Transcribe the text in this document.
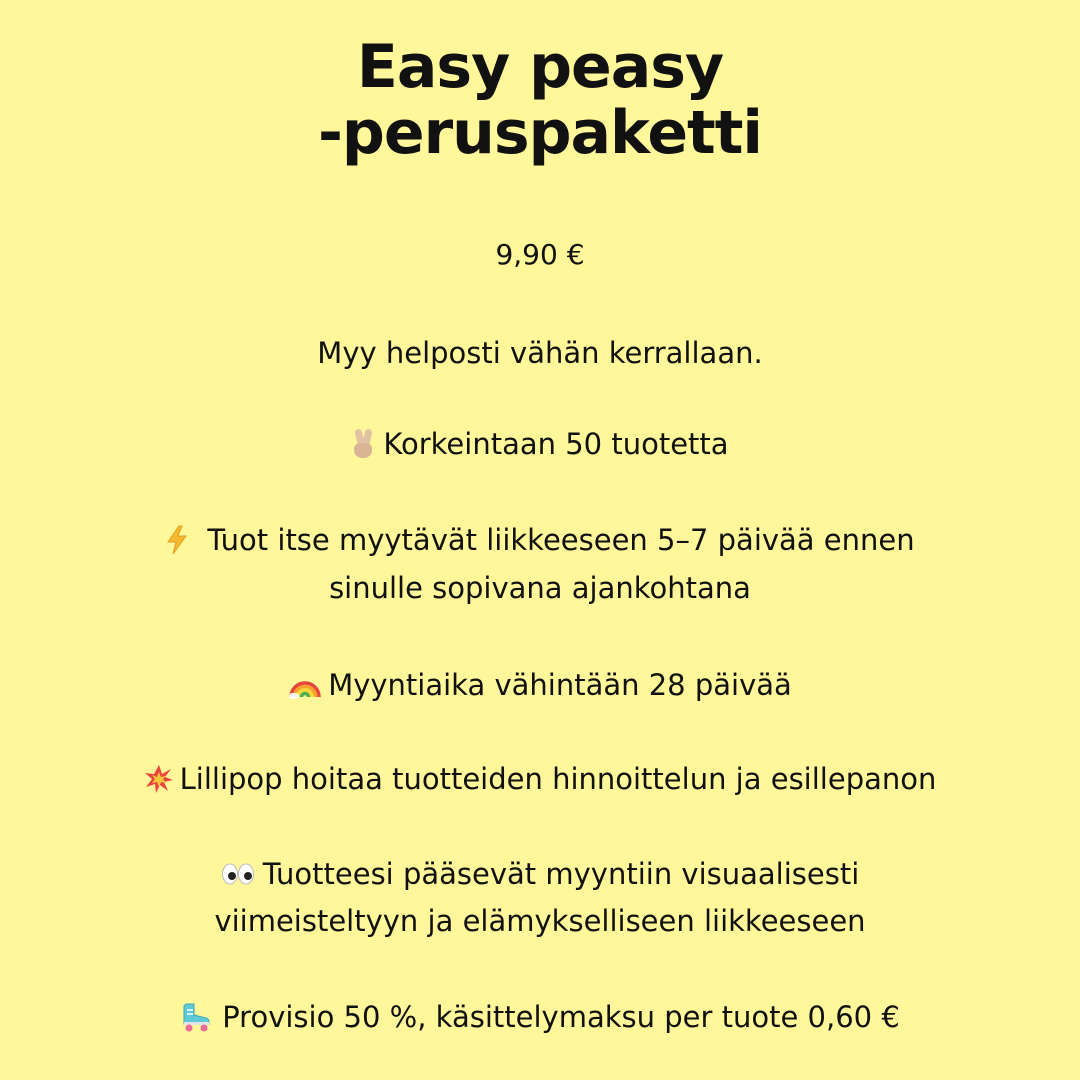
Easy peasy
-peruspaketti
9,90 €
Myy helposti vähän kerrallaan.
Korkeintaan 50 tuotetta
Tuot itse myytävät liikkeeseen 5–7 päivää ennen
sinulle sopivana ajankohtana
Myyntiaika vähintään 28 päivää
Lillipop hoitaa tuotteiden hinnoittelun ja esillepanon
Tuotteesi pääsevät myyntiin visuaalisesti
viimeisteltyyn ja elämykselliseen liikkeeseen
Provisio 50 %, käsittelymaksu per tuote 0,60 €
